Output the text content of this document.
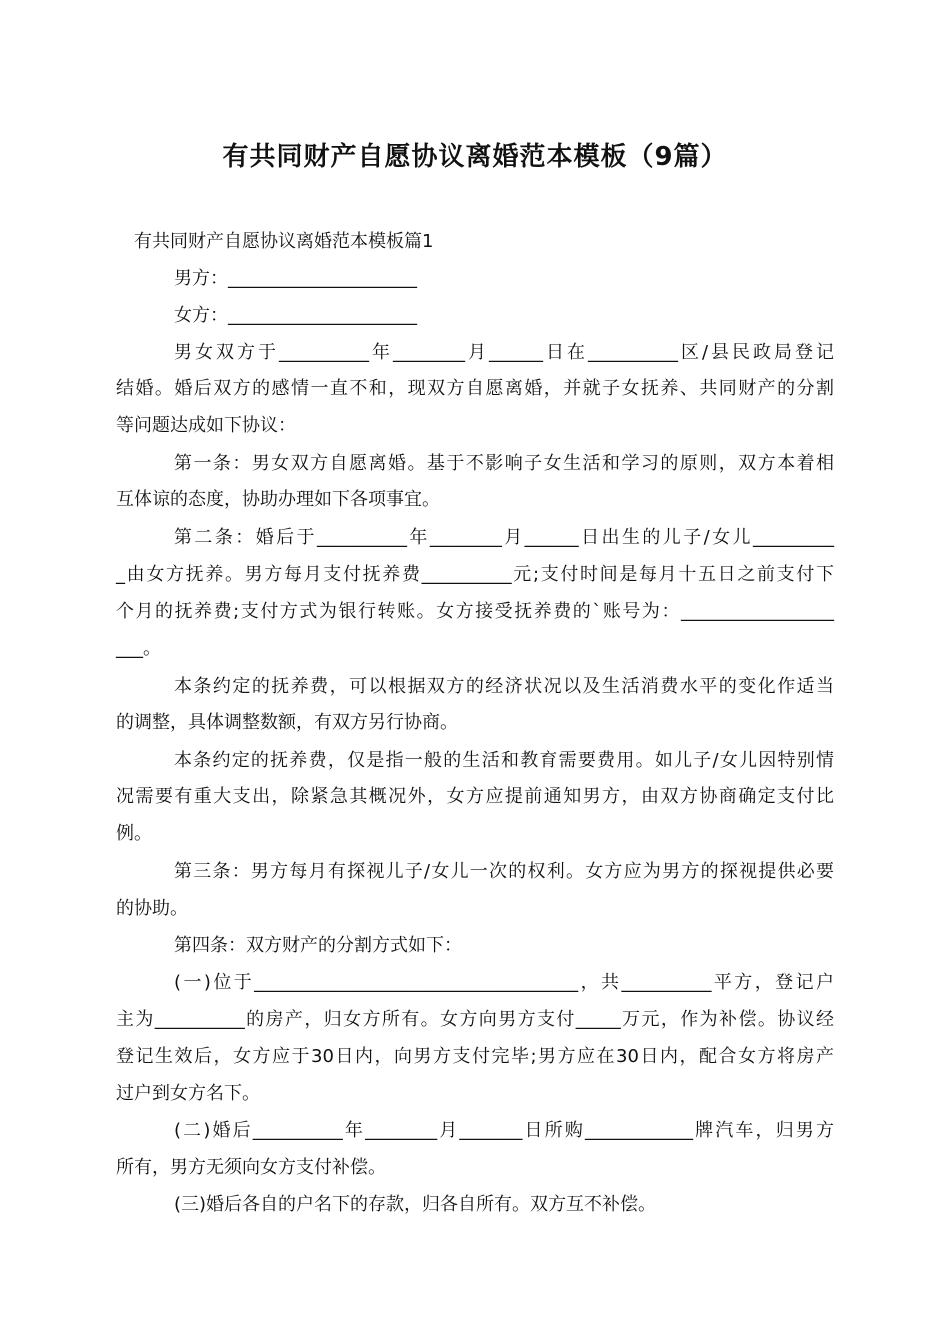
有共同财产自愿协议离婚范本模板（9篇）
有共同财产自愿协议离婚范本模板篇1
男方：_____________________
女方：_____________________
男女双方于__________年________月______日在__________区/县民政局登记
结婚。婚后双方的感情一直不和，现双方自愿离婚，并就子女抚养、共同财产的分割
等问题达成如下协议：
第一条：男女双方自愿离婚。基于不影响子女生活和学习的原则，双方本着相
互体谅的态度，协助办理如下各项事宜。
第二条：婚后于__________年________月______日出生的儿子/女儿_________
_由女方抚养。男方每月支付抚养费__________元;支付时间是每月十五日之前支付下
个月的抚养费;支付方式为银行转账。女方接受抚养费的`账号为：_________________
___。
本条约定的抚养费，可以根据双方的经济状况以及生活消费水平的变化作适当
的调整，具体调整数额，有双方另行协商。
本条约定的抚养费，仅是指一般的生活和教育需要费用。如儿子/女儿因特别情
况需要有重大支出，除紧急其概况外，女方应提前通知男方，由双方协商确定支付比
例。
第三条：男方每月有探视儿子/女儿一次的权利。女方应为男方的探视提供必要
的协助。
第四条：双方财产的分割方式如下：
(一)位于____________________________________，共__________平方，登记户
主为__________的房产，归女方所有。女方向男方支付_____万元，作为补偿。协议经
登记生效后，女方应于30日内，向男方支付完毕;男方应在30日内，配合女方将房产
过户到女方名下。
(二)婚后__________年________月_______日所购____________牌汽车，归男方
所有，男方无须向女方支付补偿。
(三)婚后各自的户名下的存款，归各自所有。双方互不补偿。
